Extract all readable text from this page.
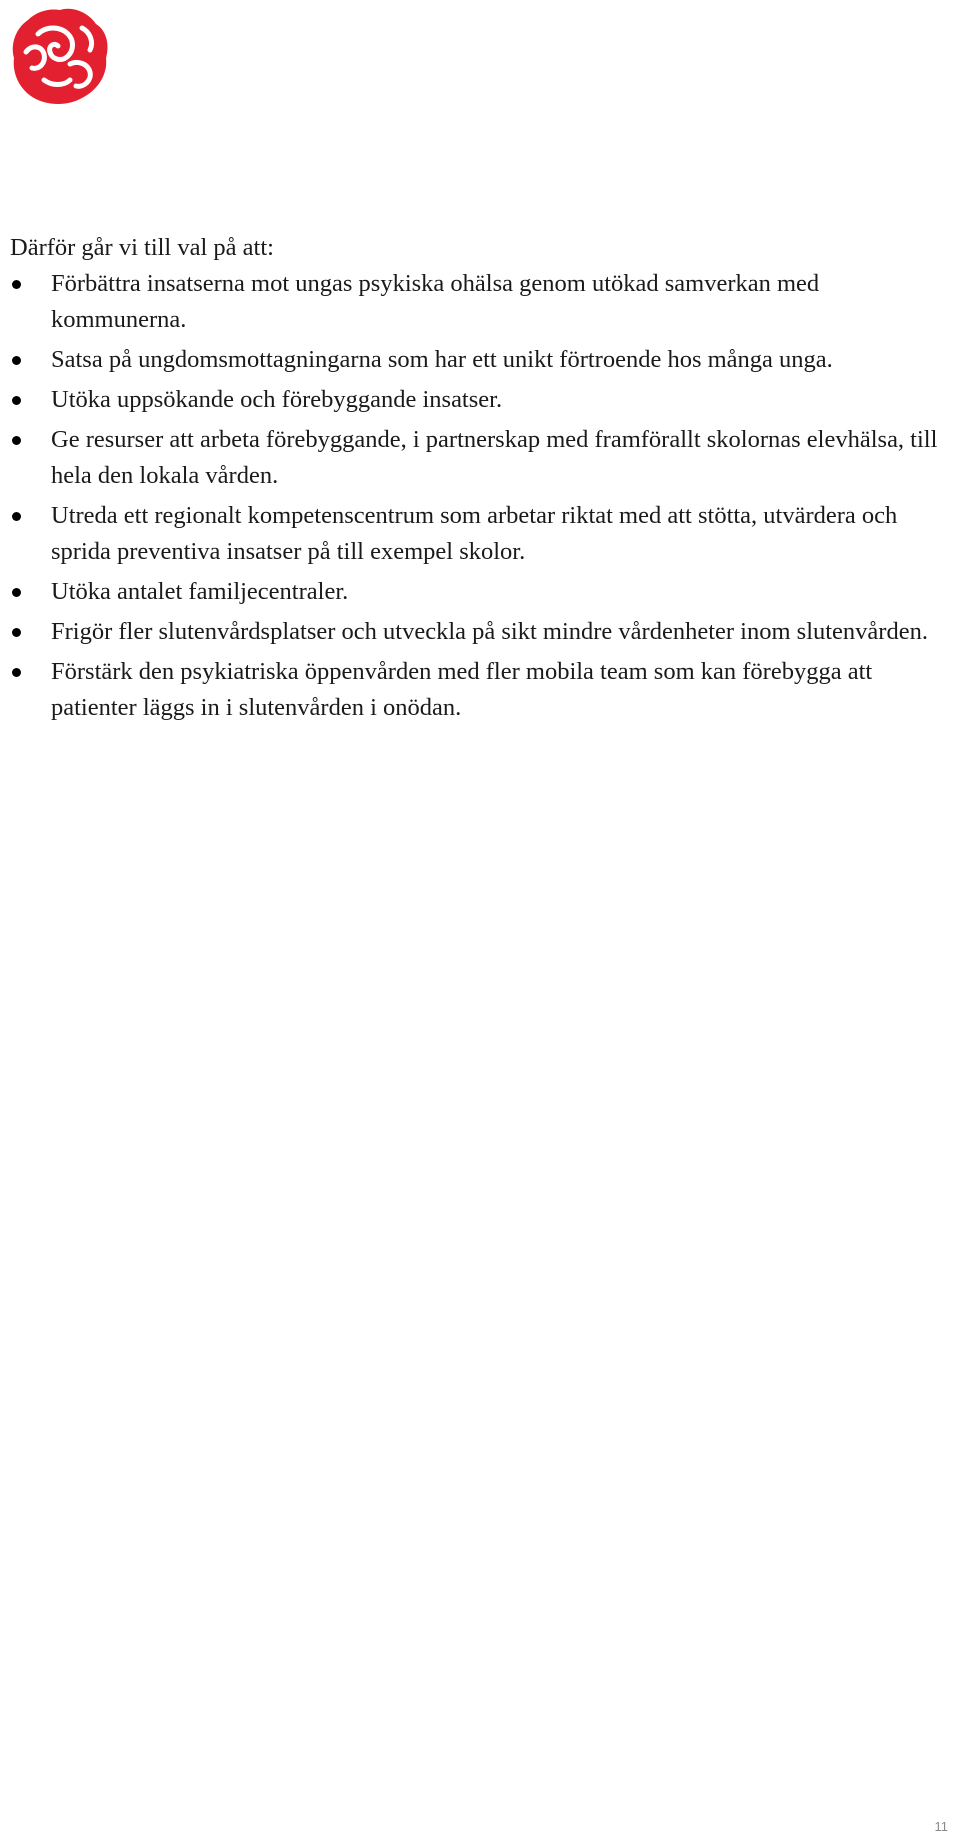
Därför går vi till val på att:

Förbättra insatserna mot ungas psykiska ohälsa genom utökad samverkan med kommunerna.
Satsa på ungdomsmottagningarna som har ett unikt förtroende hos många unga.
Utöka uppsökande och förebyggande insatser.
Ge resurser att arbeta förebyggande, i partnerskap med framförallt skolornas elevhälsa, till hela den lokala vården.
Utreda ett regionalt kompetenscentrum som arbetar riktat med att stötta, utvärdera och sprida preventiva insatser på till exempel skolor.
Utöka antalet familjecentraler.
Frigör fler slutenvårdsplatser och utveckla på sikt mindre vårdenheter inom slutenvården.
Förstärk den psykiatriska öppenvården med fler mobila team som kan förebygga att patienter läggs in i slutenvården i onödan.
11
